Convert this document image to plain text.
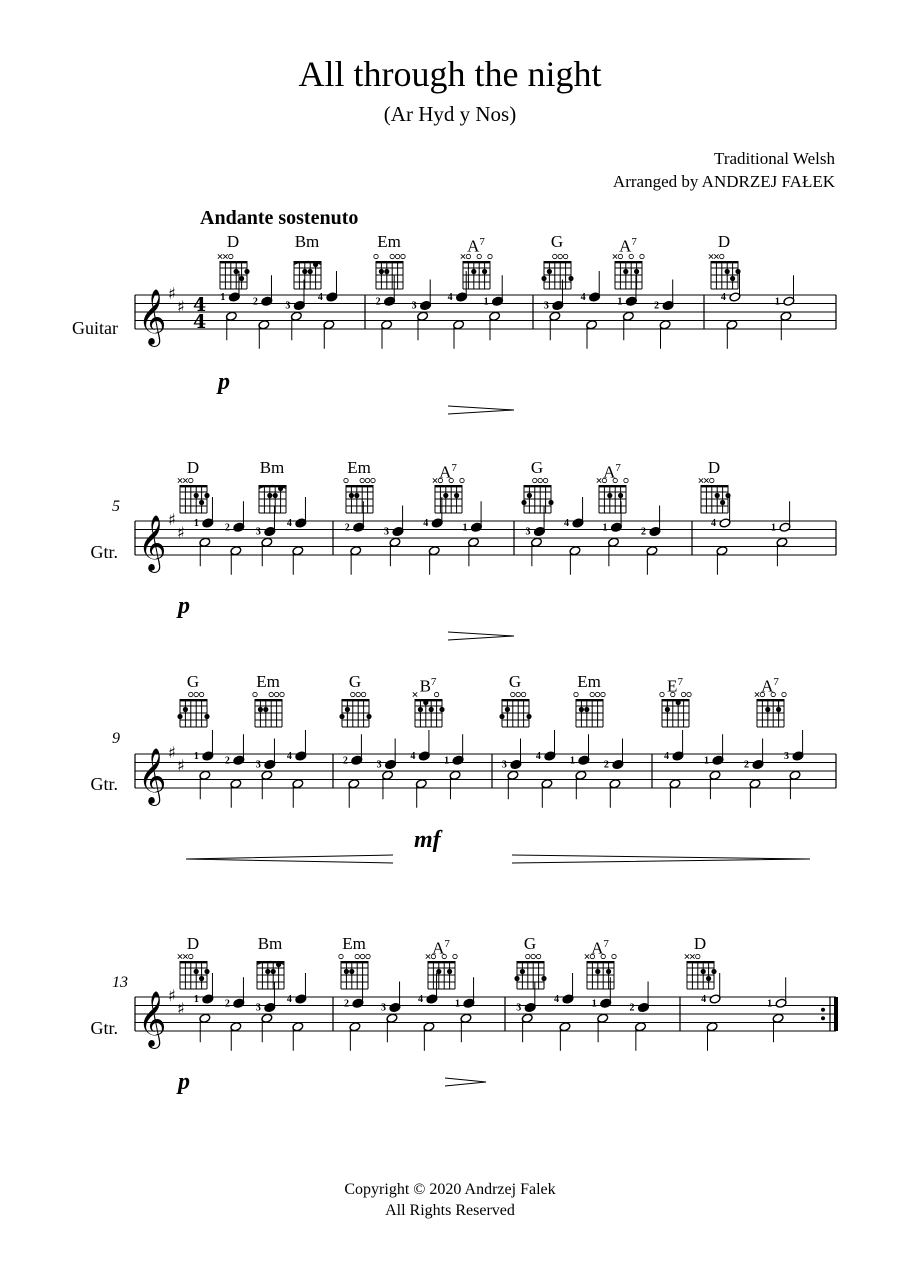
All through the night
(Ar Hyd y Nos)
Traditional Welsh
Arranged by ANDRZEJ FAŁEK
Andante sostenuto
Guitar 𝄞 ♯
♯ 4
4
1	2	3
4	2	3
4	1	3
4	1	2
4	1
D	Bm	Em	$A^7$	G	$A^7$	D
p
Gtr.
5
𝄞 ♯
♯ 1	2	3
4	2	3
4	1	3
4	1	2
4	1
D	Bm	Em	$A^7$	G	$A^7$	D
p
Gtr.
9
𝄞 ♯
♯ 1	2	3
4	2	3
4	1	3
4	1	2
4	1	2
3
G	Em	G	$B^7$	G	Em	$E^7$	$A^7$
mf
Gtr.
13
𝄞 ♯
♯ 1	2	3
4	2	3
4	1	3
4	1	2
4	1
D	Bm	Em	$A^7$	G	$A^7$	D
p
Copyright © 2020 Andrzej Falek
All Rights Reserved
